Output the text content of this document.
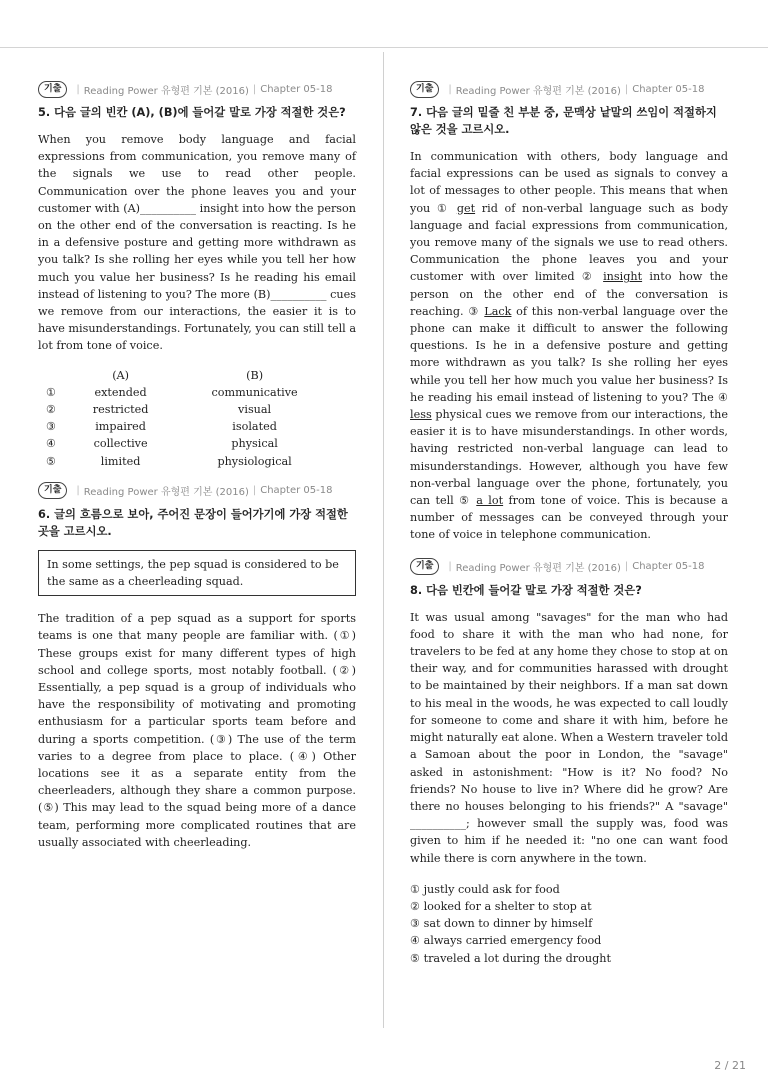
기출	| Reading Power 유형편 기본 (2016) | Chapter 05-18
5. 다음 글의 빈칸 (A), (B)에 들어갈 말로 가장 적절한 것은?

When you remove body language and facial expressions from communication, you remove many of the signals we use to read other people. Communication over the phone leaves you and your customer with (A)__________ insight into how the person on the other end of the conversation is reacting. Is he in a defensive posture and getting more withdrawn as you talk? Is she rolling her eyes while you tell her how much you value her business? Is he reading his email instead of listening to you? The more (B)__________ cues we remove from our interactions, the easier it is to have misunderstandings. Fortunately, you can still tell a lot from tone of voice.

	(A)	(B)
①	extended	communicative
②	restricted	visual
③	impaired	isolated
④	collective	physical
⑤	limited	physiological
기출	| Reading Power 유형편 기본 (2016) | Chapter 05-18
6. 글의 흐름으로 보아, 주어진 문장이 들어가기에 가장 적절한 곳을 고르시오.
In some settings, the pep squad is considered to be the same as a cheerleading squad.

The tradition of a pep squad as a support for sports teams is one that many people are familiar with. (①) These groups exist for many different types of high school and college sports, most notably football. (②) Essentially, a pep squad is a group of individuals who have the responsibility of motivating and promoting enthusiasm for a particular sports team before and during a sports competition. (③) The use of the term varies to a degree from place to place. (④) Other locations see it as a separate entity from the cheerleaders, although they share a common purpose. (⑤) This may lead to the squad being more of a dance team, performing more complicated routines that are usually associated with cheerleading.

기출	| Reading Power 유형편 기본 (2016) | Chapter 05-18
7. 다음 글의 밑줄 친 부분 중, 문맥상 낱말의 쓰임이 적절하지 않은 것을 고르시오.

In communication with others, body language and facial expressions can be used as signals to convey a lot of messages to other people. This means that when you ① get rid of non-verbal language such as body language and facial expressions from communication, you remove many of the signals we use to read others. Communication the phone leaves you and your customer with over limited ② insight into how the person on the other end of the conversation is reaching. ③ Lack of this non-verbal language over the phone can make it difficult to answer the following questions. Is he in a defensive posture and getting more withdrawn as you talk? Is she rolling her eyes while you tell her how much you value her business? Is he reading his email instead of listening to you? The ④ less physical cues we remove from our interactions, the easier it is to have misunderstandings. In other words, having restricted non-verbal language can lead to misunderstandings. However, although you have few non-verbal language over the phone, fortunately, you can tell ⑤ a lot from tone of voice. This is because a number of messages can be conveyed through your tone of voice in telephone communication.

기출	| Reading Power 유형편 기본 (2016) | Chapter 05-18
8. 다음 빈칸에 들어갈 말로 가장 적절한 것은?

It was usual among "savages" for the man who had food to share it with the man who had none, for travelers to be fed at any home they chose to stop at on their way, and for communities harassed with drought to be maintained by their neighbors. If a man sat down to his meal in the woods, he was expected to call loudly for someone to come and share it with him, before he might naturally eat alone. When a Western traveler told a Samoan about the poor in London, the "savage" asked in astonishment: "How is it? No food? No friends? No house to live in? Where did he grow? Are there no houses belonging to his friends?" A "savage" __________; however small the supply was, food was given to him if he needed it: "no one can want food while there is corn anywhere in the town.

① justly could ask for food
② looked for a shelter to stop at
③ sat down to dinner by himself
④ always carried emergency food
⑤ traveled a lot during the drought
2 / 21
